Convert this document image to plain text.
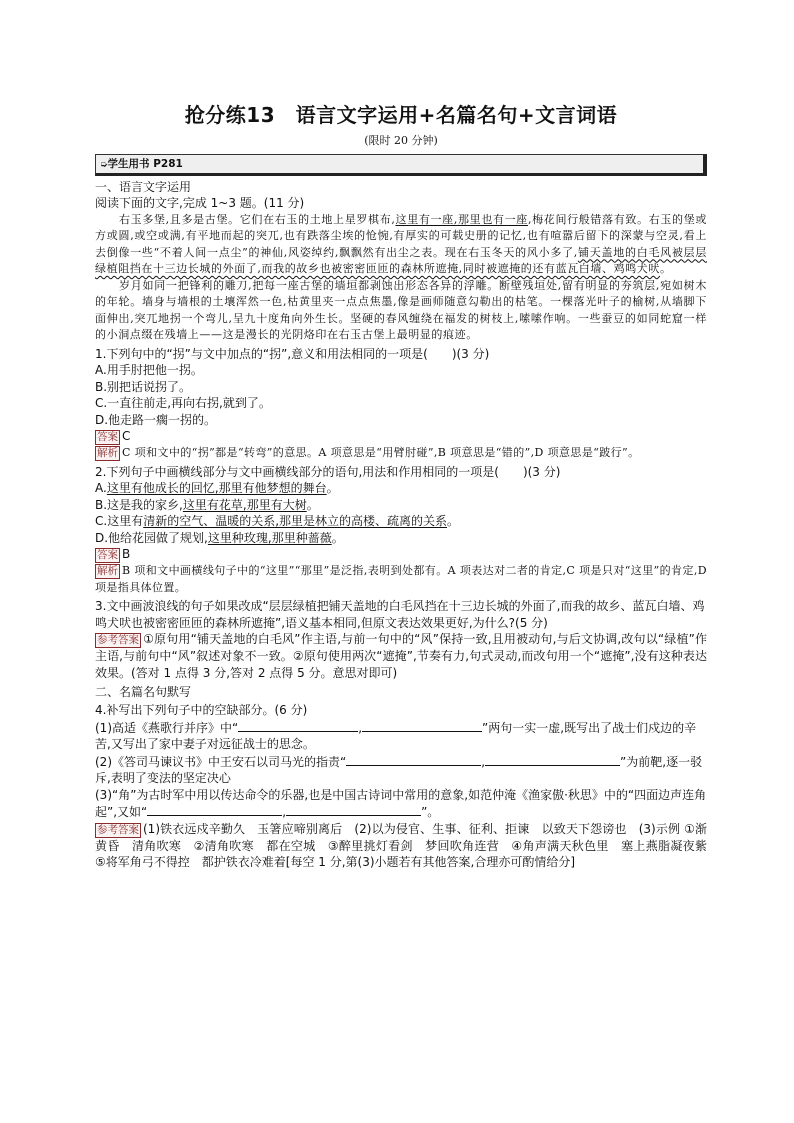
抢分练13　语言文字运用+名篇名句+文言词语
(限时 20 分钟)
➭学生用书 P281
一、语言文字运用
阅读下面的文字,完成 1~3 题。(11 分)
右玉多堡,且多是古堡。它们在右玉的土地上星罗棋布,这里有一座,那里也有一座,梅花间行般错落有致。右玉的堡或方或圆,或空或满,有平地而起的突兀,也有跌落尘埃的怆惋,有厚实的可载史册的记忆,也有喧嚣后留下的深蒙与空灵,看上去倒像一些“不着人间一点尘”的神仙,风姿绰约,飘飘然有出尘之表。现在右玉冬天的风小多了,铺天盖地的白毛风被层层绿植阻挡在十三边长城的外面了,而我的故乡也被密密匝匝的森林所遮掩,同时被遮掩的还有蓝瓦白墙、鸡鸣犬吠。
岁月如同一把锋利的雕刀,把每一座古堡的墙垣都剥蚀出形态各异的浮雕。断壁残垣处,留有明显的夯筑层,宛如树木的年轮。墙身与墙根的土壤浑然一色,枯黄里夹一点点焦墨,像是画师随意勾勒出的枯笔。一棵落光叶子的榆树,从墙脚下面伸出,突兀地拐一个弯儿,呈九十度角向外生长。坚硬的春风缠绕在福发的树枝上,嗦嗦作响。一些蚕豆的如同蛇窟一样的小洞点缀在残墙上——这是漫长的光阴烙印在右玉古堡上最明显的痕迹。
1.下列句中的“拐”与文中加点的“拐”,意义和用法相同的一项是(　　)(3 分)
A.用手肘把他一拐。
B.别把话说拐了。
C.一直往前走,再向右拐,就到了。
D.他走路一瘸一拐的。
答案 C
解析 C 项和文中的“拐”都是“转弯”的意思。A 项意思是“用臂肘碰”,B 项意思是“错的”,D 项意思是“跛行”。
2.下列句子中画横线部分与文中画横线部分的语句,用法和作用相同的一项是(　　)(3 分)
A.这里有他成长的回忆,那里有他梦想的舞台。
B.这是我的家乡,这里有花草,那里有大树。
C.这里有清新的空气、温暖的关系,那里是林立的高楼、疏离的关系。
D.他给花园做了规划,这里种玫瑰,那里种蔷薇。
答案 B
解析 B 项和文中画横线句子中的“这里”“那里”是泛指,表明到处都有。A 项表达对二者的肯定,C 项是只对“这里”的肯定,D 项是指具体位置。
3.文中画波浪线的句子如果改成“层层绿植把铺天盖地的白毛风挡在十三边长城的外面了,而我的故乡、蓝瓦白墙、鸡鸣犬吠也被密密匝匝的森林所遮掩”,语义基本相同,但原文表达效果更好,为什么?(5 分)
参考答案 ①原句用“铺天盖地的白毛风”作主语,与前一句中的“风”保持一致,且用被动句,与后文协调,改句以“绿植”作主语,与前句中“风”叙述对象不一致。②原句使用两次“遮掩”,节奏有力,句式灵动,而改句用一个“遮掩”,没有这种表达效果。(答对 1 点得 3 分,答对 2 点得 5 分。意思对即可)
二、名篇名句默写
4.补写出下列句子中的空缺部分。(6 分)
(1)高适《燕歌行并序》中“	,	”两句一实一虚,既写出了战士们戍边的辛苦,又写出了家中妻子对远征战士的思念。
(2)《答司马谏议书》中王安石以司马光的指责“	,	”为前靶,逐一驳斥,表明了变法的坚定决心
(3)“角”为古时军中用以传达命令的乐器,也是中国古诗词中常用的意象,如范仲淹《渔家傲·秋思》中的“四面边声连角起”,又如“	,	”。
参考答案 (1)铁衣远戍辛勤久　玉箸应啼别离后　(2)以为侵官、生事、征利、拒谏　以致天下怨谤也　(3)示例 ①渐黄昏　清角吹寒　②清角吹寒　都在空城　③醉里挑灯看剑　梦回吹角连营　④角声满天秋色里　塞上燕脂凝夜紫　⑤将军角弓不得控　都护铁衣冷难着[每空 1 分,第(3)小题若有其他答案,合理亦可酌情给分]
